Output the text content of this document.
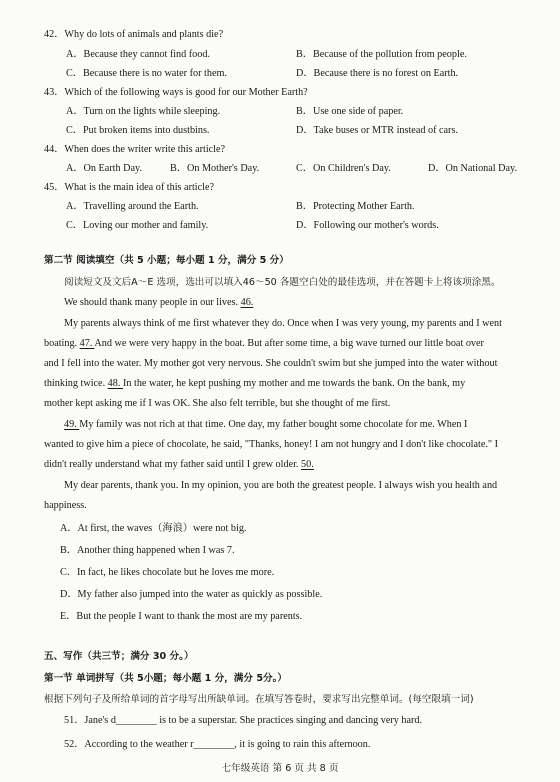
42．Why do lots of animals and plants die?
A．Because they cannot find food.	B．Because of the pollution from people.
C．Because there is no water for them.	D．Because there is no forest on Earth.
43．Which of the following ways is good for our Mother Earth?
A．Turn on the lights while sleeping.	B．Use one side of paper.
C．Put broken items into dustbins.	D．Take buses or MTR instead of cars.
44．When does the writer write this article?
A．On Earth Day.	B．On Mother's Day.	C．On Children's Day.	D．On National Day.
45．What is the main idea of this article?
A．Travelling around the Earth.	B．Protecting Mother Earth.
C．Loving our mother and family.	D．Following our mother's words.
第二节 阅读填空（共 5 小题；每小题 1 分，满分 5 分）
阅读短文及文后A～E 选项，选出可以填入46～50 各题空白处的最佳选项，并在答题卡上将该项涂黑。
We should thank many people in our lives. 46.
My parents always think of me first whatever they do. Once when I was very young, my parents and I went
boating. 47. And we were very happy in the boat. But after some time, a big wave turned our little boat over
and I fell into the water. My mother got very nervous. She couldn't swim but she jumped into the water without
thinking twice. 48. In the water, he kept pushing my mother and me towards the bank. On the bank, my
mother kept asking me if I was OK. She also felt terrible, but she thought of me first.
49. My family was not rich at that time. One day, my father bought some chocolate for me. When I
wanted to give him a piece of chocolate, he said, "Thanks, honey! I am not hungry and I don't like chocolate." I
didn't really understand what my father said until I grew older. 50.
My dear parents, thank you. In my opinion, you are both the greatest people. I always wish you health and
happiness.
A．At first, the waves（海浪）were not big.
B．Another thing happened when I was 7.
C．In fact, he likes chocolate but he loves me more.
D．My father also jumped into the water as quickly as possible.
E．But the people I want to thank the most are my parents.
五、写作（共三节；满分 30 分。）
第一节 单词拼写（共 5小题；每小题 1 分，满分 5分。）
根据下列句子及所给单词的首字母写出所缺单词。在填写答卷时，要求写出完整单词。(每空限填一词)
51．Jane's d________ is to be a superstar. She practices singing and dancing very hard.
52．According to the weather r________, it is going to rain this afternoon.
七年级英语 第 6 页 共 8 页
